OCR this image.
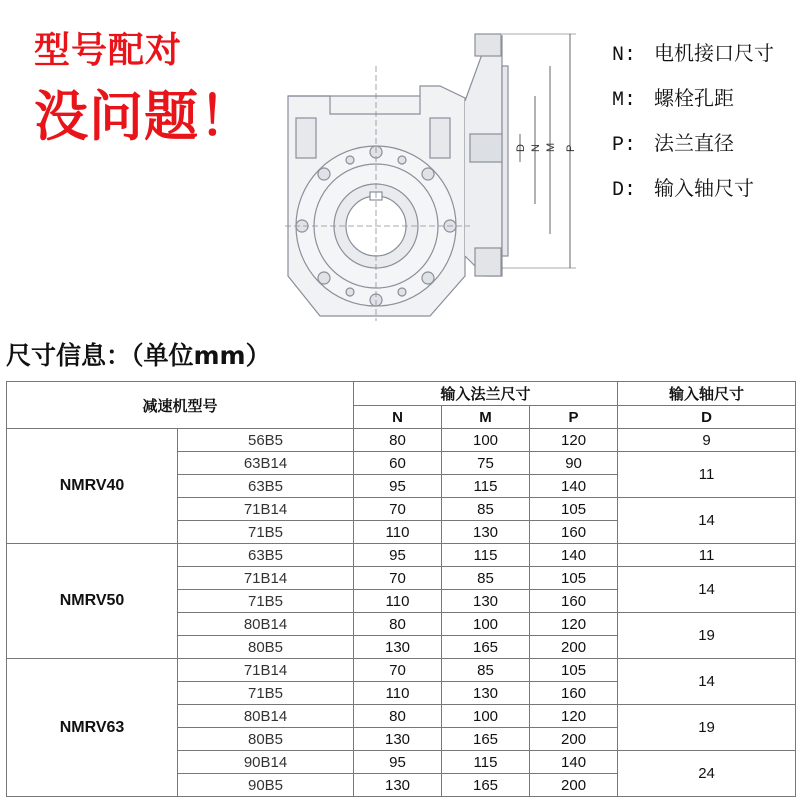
型号配对
没问题！
D N M P
N: 电机接口尺寸
M: 螺栓孔距
P: 法兰直径
D: 输入轴尺寸
尺寸信息：（单位mm）
减速机型号		输入法兰尺寸			输入轴尺寸
		N	M	P	D
NMRV40	56B5	80	100	120	9
	63B14	60	75	90	11
	63B5	95	115	140	
	71B14	70	85	105	14
	71B5	110	130	160	
NMRV50	63B5	95	115	140	11
	71B14	70	85	105	14
	71B5	110	130	160	
	80B14	80	100	120	19
	80B5	130	165	200	
NMRV63	71B14	70	85	105	14
	71B5	110	130	160	
	80B14	80	100	120	19
	80B5	130	165	200	
	90B14	95	115	140	24
	90B5	130	165	200	
